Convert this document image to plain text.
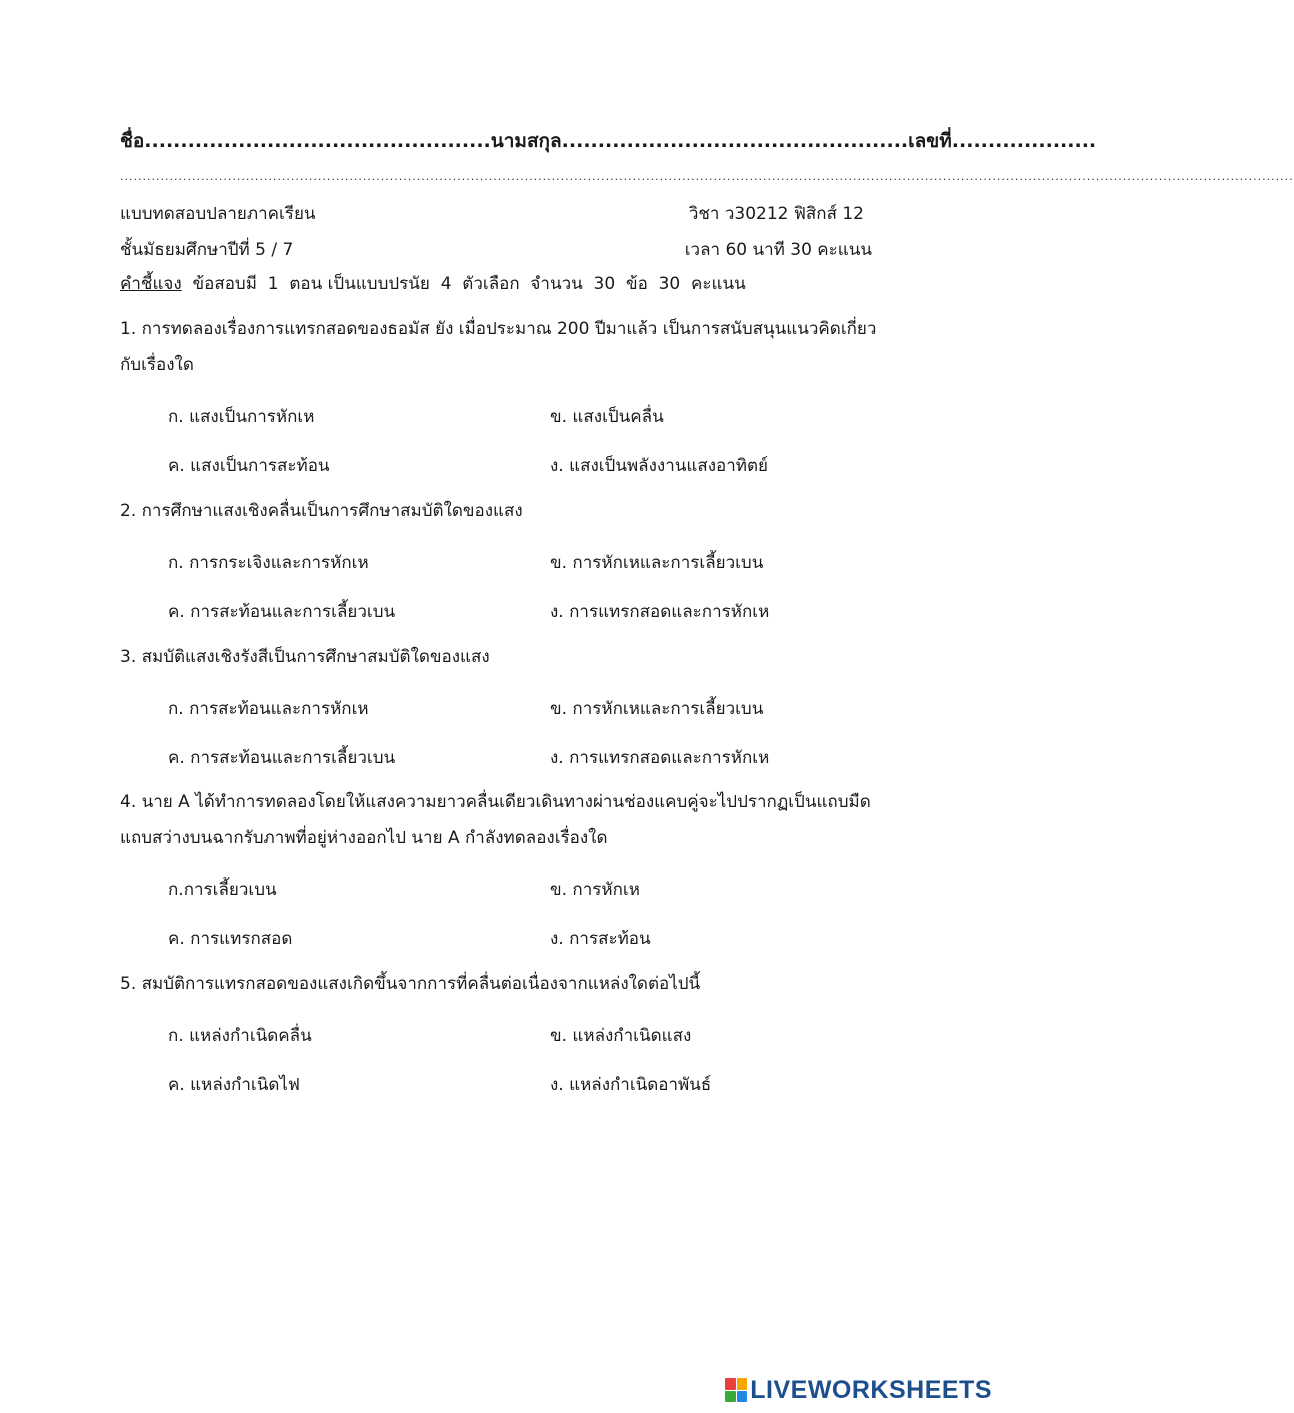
ชื่อ................................................นามสกุล................................................เลขที่....................
.....................................................................................................................................................................................................................................................................
แบบทดสอบปลายภาคเรียน	วิชา ว30212 ฟิสิกส์ 12
ชั้นมัธยมศึกษาปีที่ 5 / 7	เวลา 60 นาที 30 คะแนน
คำชี้แจง  ข้อสอบมี  1  ตอน เป็นแบบปรนัย  4  ตัวเลือก  จำนวน  30  ข้อ  30  คะแนน
1. การทดลองเรื่องการแทรกสอดของธอมัส ยัง เมื่อประมาณ 200 ปีมาแล้ว เป็นการสนับสนุนแนวคิดเกี่ยวกับเรื่องใด
ก. แสงเป็นการหักเห	ข. แสงเป็นคลื่น
ค. แสงเป็นการสะท้อน	ง. แสงเป็นพลังงานแสงอาทิตย์
2. การศึกษาแสงเชิงคลื่นเป็นการศึกษาสมบัติใดของแสง
ก. การกระเจิงและการหักเห	ข. การหักเหและการเลี้ยวเบน
ค. การสะท้อนและการเลี้ยวเบน	ง. การแทรกสอดและการหักเห
3. สมบัติแสงเชิงรังสีเป็นการศึกษาสมบัติใดของแสง
ก. การสะท้อนและการหักเห	ข. การหักเหและการเลี้ยวเบน
ค. การสะท้อนและการเลี้ยวเบน	ง. การแทรกสอดและการหักเห
4. นาย A ได้ทำการทดลองโดยให้แสงความยาวคลื่นเดียวเดินทางผ่านช่องแคบคู่จะไปปรากฏเป็นแถบมืดแถบสว่างบนฉากรับภาพที่อยู่ห่างออกไป นาย A กำลังทดลองเรื่องใด
ก.การเลี้ยวเบน	ข. การหักเห
ค. การแทรกสอด	ง. การสะท้อน
5. สมบัติการแทรกสอดของแสงเกิดขึ้นจากการที่คลื่นต่อเนื่องจากแหล่งใดต่อไปนี้
ก. แหล่งกำเนิดคลื่น	ข. แหล่งกำเนิดแสง
ค. แหล่งกำเนิดไฟ	ง. แหล่งกำเนิดอาพันธ์
LIVEWORKSHEETS
